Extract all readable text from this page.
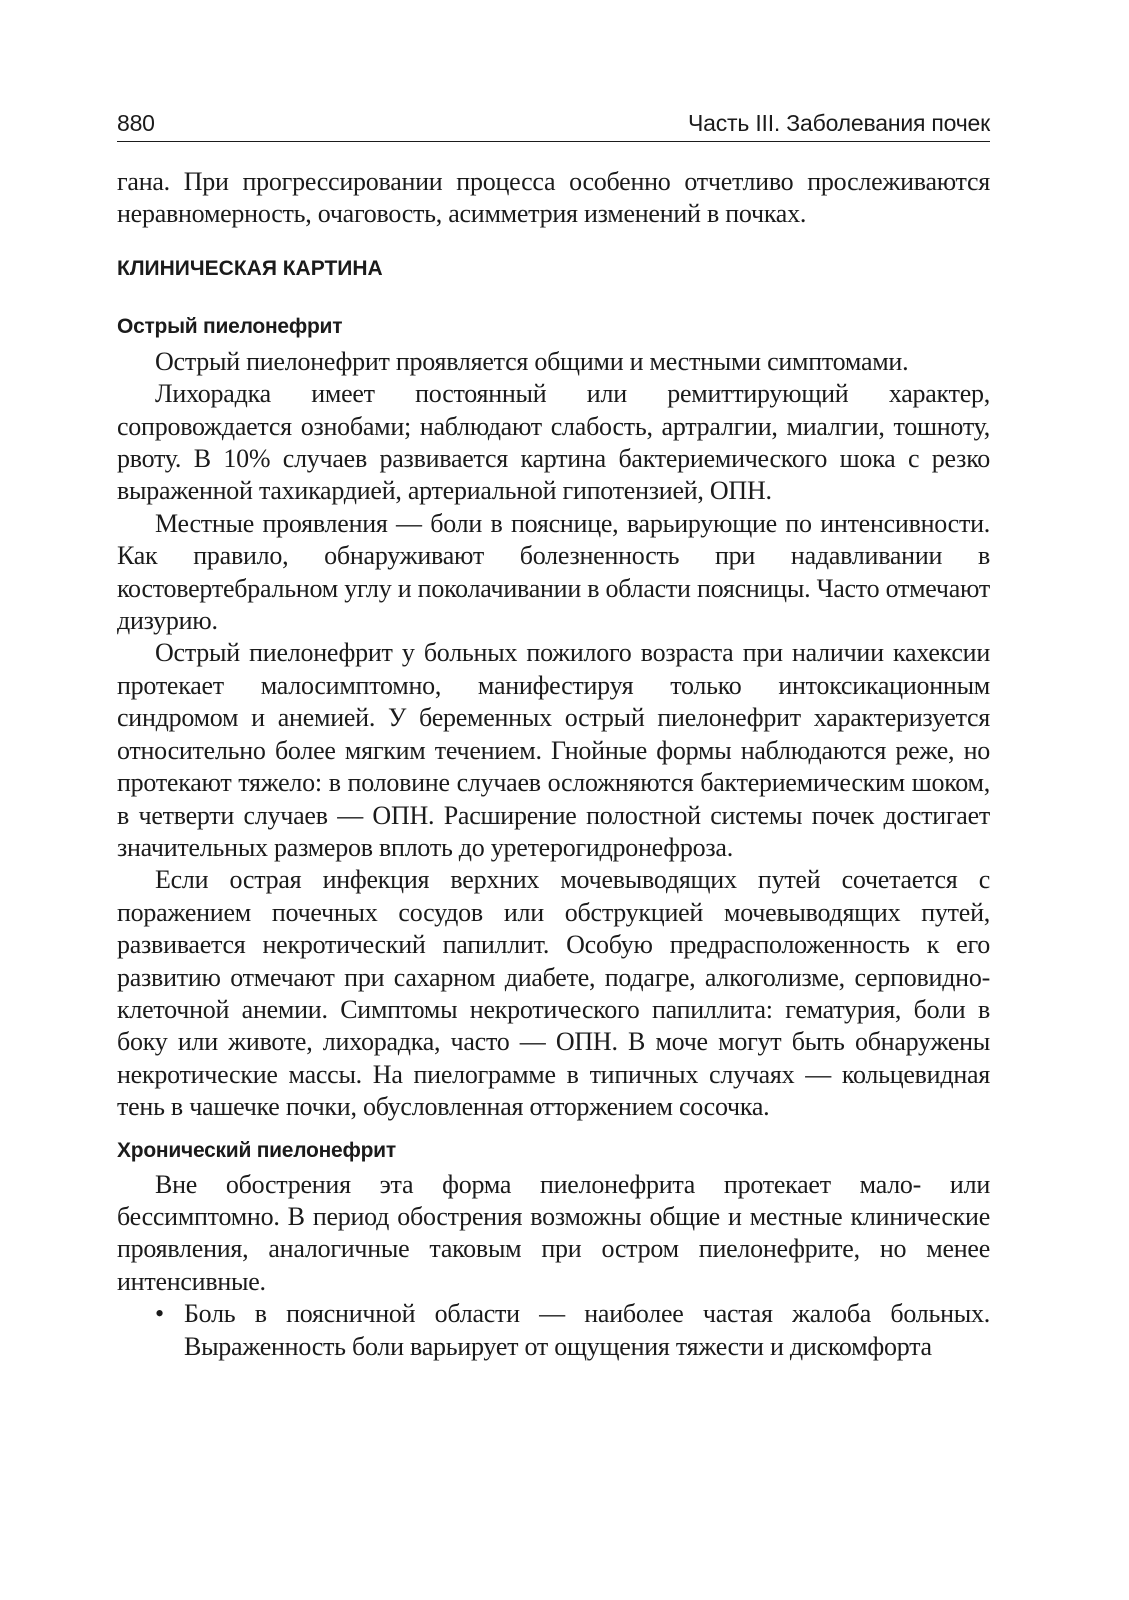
880	Часть III. Заболевания почек

гана. При прогрессировании процесса особенно отчетливо прослеживаются неравномерность, очаговость, асимметрия изменений в почках.

КЛИНИЧЕСКАЯ КАРТИНА
Острый пиелонефрит

Острый пиелонефрит проявляется общими и местными симптомами.

Лихорадка имеет постоянный или ремиттирующий характер, сопровождается ознобами; наблюдают слабость, артралгии, миалгии, тошноту, рвоту. В 10% случаев развивается картина бактериемического шока с резко выраженной тахикардией, артериальной гипотензией, ОПН.

Местные проявления — боли в пояснице, варьирующие по интенсивности. Как правило, обнаруживают болезненность при надавливании в костовертебральном углу и поколачивании в области поясницы. Часто отмечают дизурию.

Острый пиелонефрит у больных пожилого возраста при наличии кахексии протекает малосимптомно, манифестируя только интоксикационным синдромом и анемией. У беременных острый пиелонефрит характеризуется относительно более мягким течением. Гнойные формы наблюдаются реже, но протекают тяжело: в половине случаев осложняются бактериемическим шоком, в четверти случаев — ОПН. Расширение полостной системы почек достигает значительных размеров вплоть до уретерогидронефроза.

Если острая инфекция верхних мочевыводящих путей сочетается с поражением почечных сосудов или обструкцией мочевыводящих путей, развивается некротический папиллит. Особую предрасположенность к его развитию отмечают при сахарном диабете, подагре, алкоголизме, серповидно-клеточной анемии. Симптомы некротического папиллита: гематурия, боли в боку или животе, лихорадка, часто — ОПН. В моче могут быть обнаружены некротические массы. На пиелограмме в типичных случаях — кольцевидная тень в чашечке почки, обусловленная отторжением сосочка.

Хронический пиелонефрит

Вне обострения эта форма пиелонефрита протекает мало- или бессимптомно. В период обострения возможны общие и местные клинические проявления, аналогичные таковым при остром пиелонефрите, но менее интенсивные.

• Боль в поясничной области — наиболее частая жалоба больных. Выраженность боли варьирует от ощущения тяжести и дискомфорта
